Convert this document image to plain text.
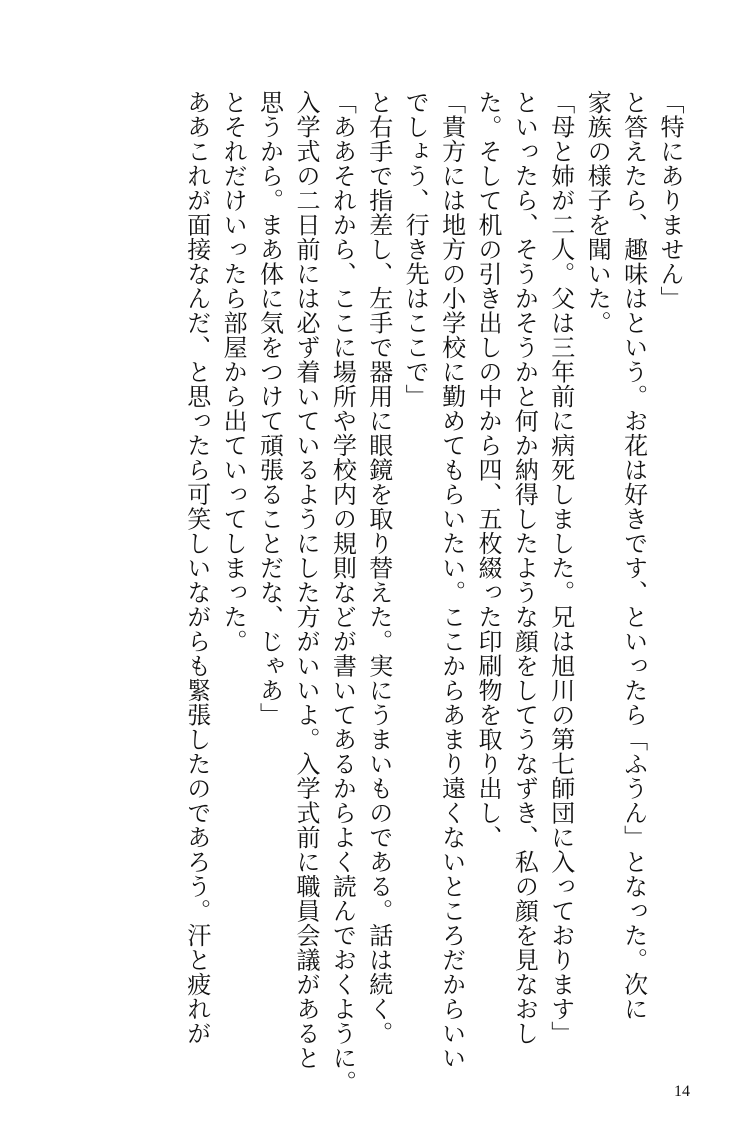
「特にありません」
と答えたら、趣味はという。お花は好きです、といったら「ふうん」となった。次に
家族の様子を聞いた。
「母と姉が二人。父は三年前に病死しました。兄は旭川の第七師団に入っております」
といったら、そうかそうかと何か納得したような顔をしてうなずき、私の顔を見なおし
た。そして机の引き出しの中から四、五枚綴った印刷物を取り出し、
「貴方には地方の小学校に勤めてもらいたい。ここからあまり遠くないところだからいい
でしょう、行き先はここで」
と右手で指差し、左手で器用に眼鏡を取り替えた。実にうまいものである。話は続く。
「ああそれから、ここに場所や学校内の規則などが書いてあるからよく読んでおくように。
入学式の二日前には必ず着いているようにした方がいいよ。入学式前に職員会議があると
思うから。まあ体に気をつけて頑張ることだな、じゃあ」
とそれだけいったら部屋から出ていってしまった。
ああこれが面接なんだ、と思ったら可笑しいながらも緊張したのであろう。汗と疲れが
14
